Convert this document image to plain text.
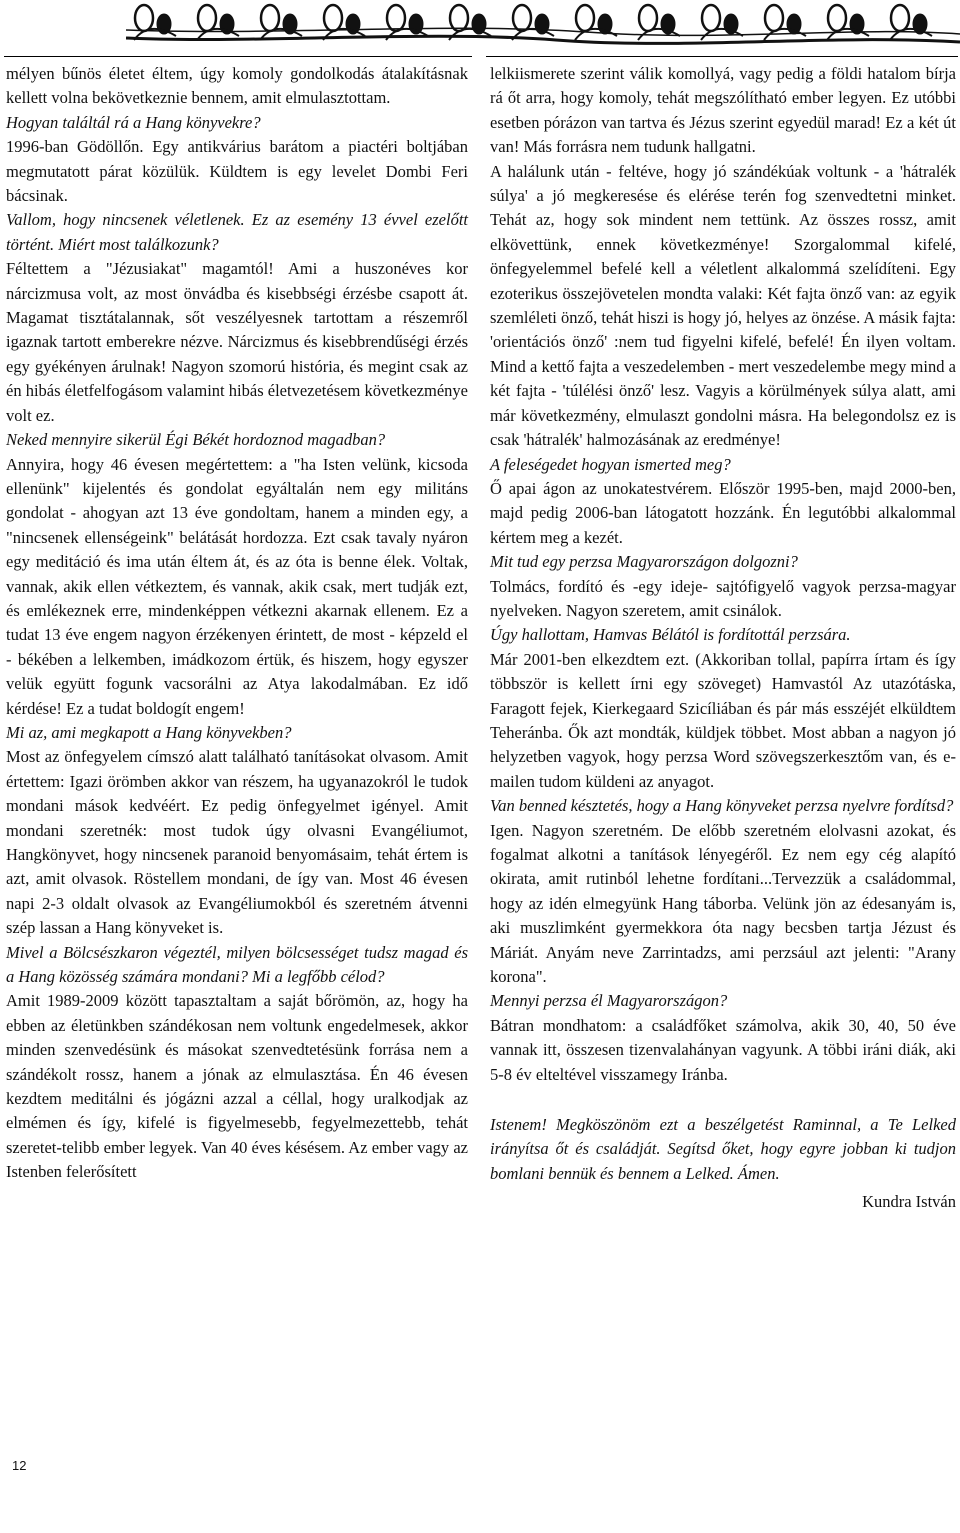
mélyen bűnös életet éltem, úgy komoly gondolkodás átalakításnak kellett volna bekövetkeznie bennem, amit elmulasztottam.

Hogyan találtál rá a Hang könyvekre?

1996-ban Gödöllőn. Egy antikvárius barátom a piactéri boltjában megmutatott párat közülük. Küldtem is egy levelet Dombi Feri bácsinak.

Vallom, hogy nincsenek véletlenek. Ez az esemény 13 évvel ezelőtt történt. Miért most találkozunk?

Féltettem a "Jézusiakat" magamtól! Ami a huszonéves kor nárcizmusa volt, az most önvádba és kisebbségi érzésbe csapott át. Magamat tisztátalannak, sőt veszélyesnek tartottam a részemről igaznak tartott emberekre nézve. Nárcizmus és kisebbrendűségi érzés egy gyékényen árulnak! Nagyon szomorú história, és megint csak az én hibás életfelfogásom valamint hibás életvezetésem következménye volt ez.

Neked mennyire sikerül Égi Békét hordoznod magadban?

Annyira, hogy 46 évesen megértettem: a "ha Isten velünk, kicsoda ellenünk" kijelentés és gondolat egyáltalán nem egy militáns gondolat - ahogyan azt 13 éve gondoltam, hanem a minden egy, a "nincsenek ellenségeink" belátását hordozza. Ezt csak tavaly nyáron egy meditáció és ima után éltem át, és az óta is benne élek. Voltak, vannak, akik ellen vétkeztem, és vannak, akik csak, mert tudják ezt, és emlékeznek erre, mindenképpen vétkezni akarnak ellenem. Ez a tudat 13 éve engem nagyon érzékenyen érintett, de most - képzeld el - békében a lelkemben, imádkozom értük, és hiszem, hogy egyszer velük együtt fogunk vacsorálni az Atya lakodalmában. Ez idő kérdése! Ez a tudat boldogít engem!

Mi az, ami megkapott a Hang könyvekben?

Most az önfegyelem címszó alatt található tanításokat olvasom. Amit értettem: Igazi örömben akkor van részem, ha ugyanazokról le tudok mondani mások kedvéért. Ez pedig önfegyelmet igényel. Amit mondani szeretnék: most tudok úgy olvasni Evangéliumot, Hangkönyvet, hogy nincsenek paranoid benyomásaim, tehát értem is azt, amit olvasok. Röstellem mondani, de így van. Most 46 évesen napi 2-3 oldalt olvasok az Evangéliumokból és szeretném átvenni szép lassan a Hang könyveket is.

Mivel a Bölcsészkaron végeztél, milyen bölcsességet tudsz magad és a Hang közösség számára mondani? Mi a legfőbb célod?

Amit 1989-2009 között tapasztaltam a saját bőrömön, az, hogy ha ebben az életünkben szándékosan nem voltunk engedelmesek, akkor minden szenvedésünk és másokat szenvedtetésünk forrása nem a szándékolt rossz, hanem a jónak az elmulasztása. Én 46 évesen kezdtem meditálni és jógázni azzal a céllal, hogy uralkodjak az elmémen és így, kifelé is figyelmesebb, fegyelmezettebb, tehát szeretet-telibb ember legyek. Van 40 éves késésem. Az ember vagy az Istenben felerősített

lelkiismerete szerint válik komollyá, vagy pedig a földi hatalom bírja rá őt arra, hogy komoly, tehát megszólítható ember legyen. Ez utóbbi esetben pórázon van tartva és Jézus szerint egyedül marad! Ez a két út van! Más forrásra nem tudunk hallgatni.

A halálunk után - feltéve, hogy jó szándékúak voltunk - a 'hátralék súlya' a jó megkeresése és elérése terén fog szenvedtetni minket. Tehát az, hogy sok mindent nem tettünk. Az összes rossz, amit elkövettünk, ennek következménye! Szorgalommal kifelé, önfegyelemmel befelé kell a véletlent alkalommá szelídíteni. Egy ezoterikus összejövetelen mondta valaki: Két fajta önző van: az egyik szemléleti önző, tehát hiszi is hogy jó, helyes az önzése. A másik fajta: 'orientációs önző' :nem tud figyelni kifelé, befelé! Én ilyen voltam. Mind a kettő fajta a veszedelemben - mert veszedelembe megy mind a két fajta - 'túlélési önző' lesz. Vagyis a körülmények súlya alatt, ami már következmény, elmulaszt gondolni másra. Ha belegondolsz ez is csak 'hátralék' halmozásának az eredménye!

A feleségedet hogyan ismerted meg?

Ő apai ágon az unokatestvérem. Először 1995-ben, majd 2000-ben, majd pedig 2006-ban látogatott hozzánk. Én legutóbbi alkalommal kértem meg a kezét.

Mit tud egy perzsa Magyarországon dolgozni?

Tolmács, fordító és -egy ideje- sajtófigyelő vagyok perzsa-magyar nyelveken. Nagyon szeretem, amit csinálok.

Úgy hallottam, Hamvas Bélától is fordítottál perzsára.

Már 2001-ben elkezdtem ezt. (Akkoriban tollal, papírra írtam és így többször is kellett írni egy szöveget) Hamvastól Az utazótáska, Faragott fejek, Kierkegaard Szicíliában és pár más esszéjét elküldtem Teheránba. Ők azt mondták, küldjek többet. Most abban a nagyon jó helyzetben vagyok, hogy perzsa Word szövegszerkesztőm van, és e-mailen tudom küldeni az anyagot.

Van benned késztetés, hogy a Hang könyveket perzsa nyelvre fordítsd?

Igen. Nagyon szeretném. De előbb szeretném elolvasni azokat, és fogalmat alkotni a tanítások lényegéről. Ez nem egy cég alapító okirata, amit rutinból lehetne fordítani...Tervezzük a családommal, hogy az idén elmegyünk Hang táborba. Velünk jön az édesanyám is, aki muszlimként gyermekkora óta nagy becsben tartja Jézust és Máriát. Anyám neve Zarrintadzs, ami perzsául azt jelenti: "Arany korona".

Mennyi perzsa él Magyarországon?

Bátran mondhatom: a családfőket számolva, akik 30, 40, 50 éve vannak itt, összesen tizenvalahányan vagyunk. A többi iráni diák, aki 5-8 év elteltével visszamegy Iránba.

Istenem! Megköszönöm ezt a beszélgetést Raminnal, a Te Lelked irányítsa őt és családját. Segítsd őket, hogy egyre jobban ki tudjon bomlani bennük és bennem a Lelked. Ámen.

Kundra István

12
